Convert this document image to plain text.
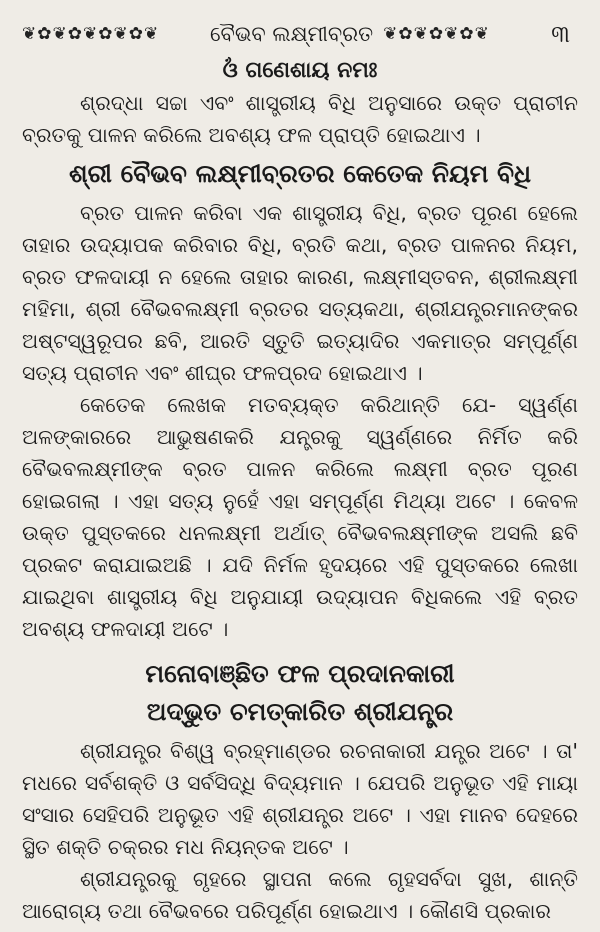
❦✿❦✿❦✿❦✿❦	ବୈଭବ ଲକ୍ଷ୍ମୀବ୍ରତ ❦✿❦✿❦✿❦	୩
ଓଁ ଗଣେଶାୟ ନମଃ

ଶ୍ରଦ୍ଧା ସଚ୍ଚା ଏବଂ ଶାସ୍ତ୍ରୀୟ ବିଧି ଅନୁସାରେ ଉକ୍ତ ପ୍ରାଚୀନ ବ୍ରତକୁ ପାଳନ କରିଲେ ଅବଶ୍ୟ ଫଳ ପ୍ରାପ୍ତି ହୋଇଥାଏ ।

ଶ୍ରୀ ବୈଭବ ଲକ୍ଷ୍ମୀବ୍ରତର କେତେକ ନିୟମ ବିଧି

ବ୍ରତ ପାଳନ କରିବା ଏକ ଶାସ୍ତ୍ରୀୟ ବିଧି, ବ୍ରତ ପୂରଣ ହେଲେ ତାହାର ଉଦ୍ୟାପକ କରିବାର ବିଧି, ବ୍ରତି କଥା, ବ୍ରତ ପାଳନର ନିୟମ, ବ୍ରତ ଫଳଦାୟୀ ନ ହେଲେ ତାହାର କାରଣ, ଲକ୍ଷ୍ମୀସ୍ତବନ, ଶ୍ରୀଲକ୍ଷ୍ମୀ ମହିମା, ଶ୍ରୀ ବୈଭବଲକ୍ଷ୍ମୀ ବ୍ରତର ସତ୍ୟକଥା, ଶ୍ରୀଯନ୍ତ୍ରମାନଙ୍କର ଅଷ୍ଟସ୍ୱରୂପର ଛବି, ଆରତି ସ୍ତୁତି ଇତ୍ୟାଦିର ଏକମାତ୍ର ସମ୍ପୂର୍ଣ୍ଣ ସତ୍ୟ ପ୍ରାଚୀନ ଏବଂ ଶୀଘ୍ର ଫଳପ୍ରଦ ହୋଇଥାଏ ।

କେତେକ ଲେଖକ ମତବ୍ୟକ୍ତ କରିଥାନ୍ତି ଯେ- ସ୍ୱର୍ଣ୍ଣ ଅଳଙ୍କାରରେ ଆଭୁଷଣକରି ଯନ୍ତ୍ରକୁ ସ୍ୱର୍ଣ୍ଣରେ ନିର୍ମିତ କରି ବୈଭବଲକ୍ଷ୍ମୀଙ୍କ ବ୍ରତ ପାଳନ କରିଲେ ଲକ୍ଷ୍ମୀ ବ୍ରତ ପୂରଣ ହୋଇଗଲା । ଏହା ସତ୍ୟ ନୁହେଁ ଏହା ସମ୍ପୂର୍ଣ୍ଣ ମିଥ୍ୟା ଅଟେ । କେବଳ ଉକ୍ତ ପୁସ୍ତକରେ ଧନଲକ୍ଷ୍ମୀ ଅର୍ଥାତ୍ ବୈଭବଲକ୍ଷ୍ମୀଙ୍କ ଅସଲି ଛବି ପ୍ରକଟ କରାଯାଇଅଛି । ଯଦି ନିର୍ମଳ ହୃଦୟରେ ଏହି ପୁସ୍ତକରେ ଲେଖା ଯାଇଥିବା ଶାସ୍ତ୍ରୀୟ ବିଧି ଅନୁଯାୟୀ ଉଦ୍ୟାପନ ବିଧିକଲେ ଏହି ବ୍ରତ ଅବଶ୍ୟ ଫଳଦାୟୀ ଅଟେ ।

ମନୋବାଞ୍ଛିତ ଫଳ ପ୍ରଦାନକାରୀ
ଅଦ୍ଭୁତ ଚମତ୍କାରିତ ଶ୍ରୀଯନ୍ତ୍ର

ଶ୍ରୀଯନ୍ତ୍ର ବିଶ୍ୱ ବ୍ରହ୍ମାଣ୍ଡର ରଚନାକାରୀ ଯନ୍ତ୍ର ଅଟେ । ତା' ମଧରେ ସର୍ବଶକ୍ତି ଓ ସର୍ବସିଦ୍ଧି ବିଦ୍ୟମାନ । ଯେପରି ଅନୁଭୂତ ଏହି ମାୟା ସଂସାର ସେହିପରି ଅନୁଭୂତ ଏହି ଶ୍ରୀଯନ୍ତ୍ର ଅଟେ । ଏହା ମାନବ ଦେହରେ ସ୍ଥିତ ଶକ୍ତି ଚକ୍ରର ମଧ ନିୟନ୍ତକ ଅଟେ ।

ଶ୍ରୀଯନ୍ତ୍ରକୁ ଗୃହରେ ସ୍ଥାପନା କଲେ ଗୃହସର୍ବଦା ସୁଖ, ଶାନ୍ତି ଆରୋଗ୍ୟ ତଥା ବୈଭବରେ ପରିପୂର୍ଣ୍ଣ ହୋଇଥାଏ । କୌଣସି ପ୍ରକାର
